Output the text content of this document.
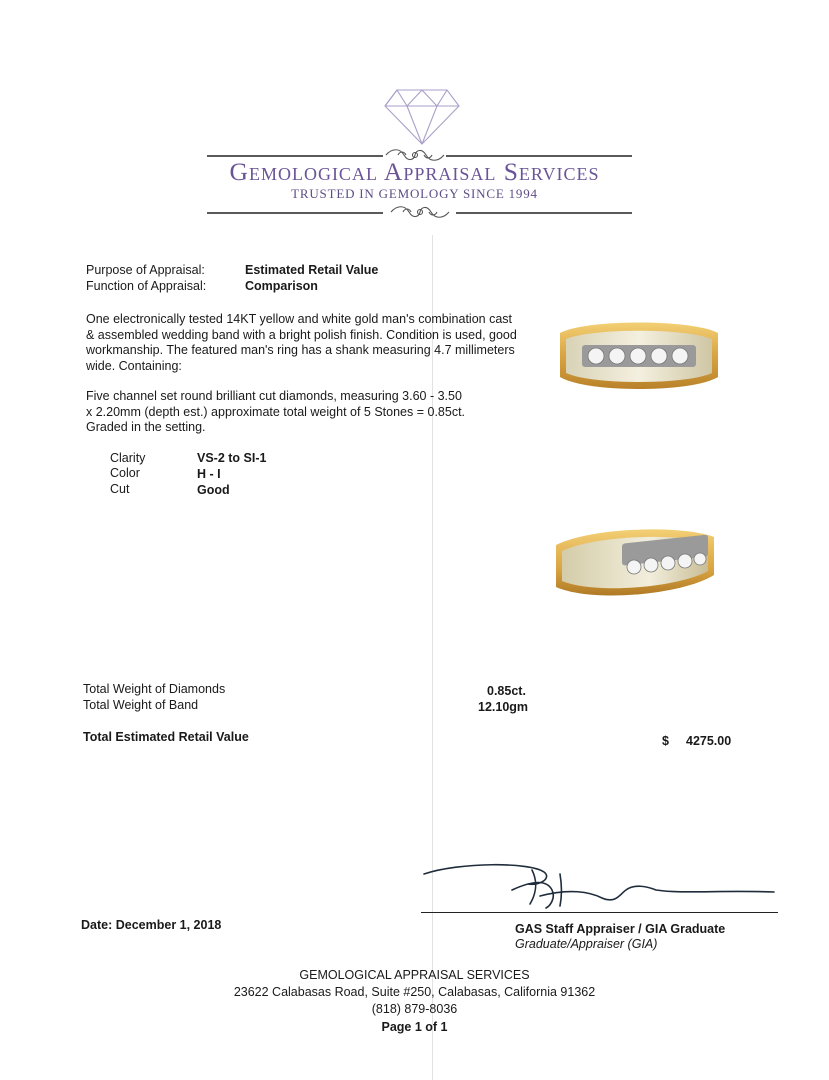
Gemological Appraisal Services
TRUSTED IN GEMOLOGY SINCE 1994
Purpose of Appraisal:	Estimated Retail Value
Function of Appraisal:	Comparison

One electronically tested 14KT yellow and white gold man's combination cast & assembled wedding band with a bright polish finish. Condition is used, good workmanship. The featured man's ring has a shank measuring 4.7 millimeters wide. Containing:

Five channel set round brilliant cut diamonds, measuring 3.60 - 3.50 x 2.20mm (depth est.) approximate total weight of 5 Stones = 0.85ct. Graded in the setting.

Clarity	VS-2 to SI-1
Color	H - I
Cut	Good
Total Weight of Diamonds	0.85ct.
Total Weight of Band	12.10gm
Total Estimated Retail Value	$ 4275.00
Date: December 1, 2018	GAS Staff Appraiser / GIA Graduate
Graduate/Appraiser (GIA)
GEMOLOGICAL APPRAISAL SERVICES
23622 Calabasas Road, Suite #250, Calabasas, California 91362
(818) 879-8036
Page 1 of 1
